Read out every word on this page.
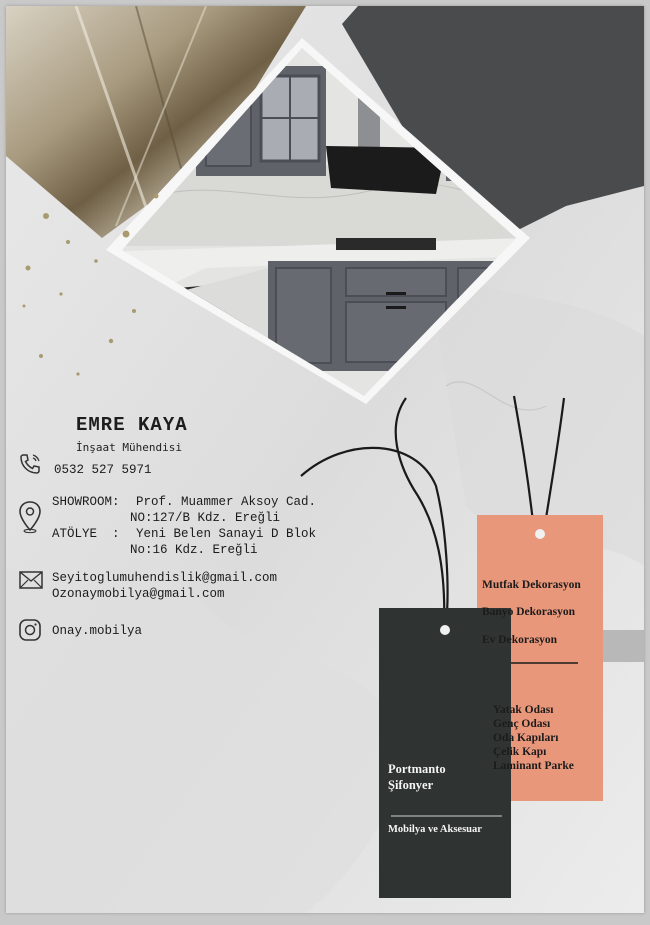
EMRE KAYA
İnşaat Mühendisi
0532 527 5971
SHOWROOM: Prof. Muammer Aksoy Cad.
NO:127/B Kdz. Ereğli
ATÖLYE  : Yeni Belen Sanayi D Blok
No:16 Kdz. Ereğli
Seyitoglumuhendislik@gmail.com
Ozonaymobilya@gmail.com
Onay.mobilya
Mutfak Dekorasyon
Banyo Dekorasyon
Ev Dekorasyon
Yatak Odası
Genç Odası
Oda Kapıları
Çelik Kapı
Laminant Parke
Portmanto
Şifonyer
Mobilya ve Aksesuar
